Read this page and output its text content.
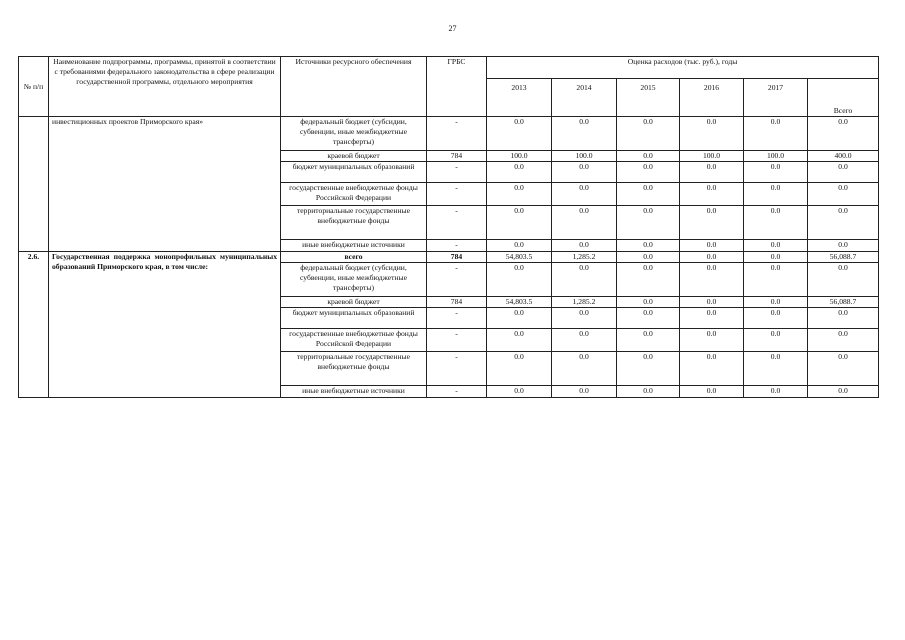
27
№ п/п	Наименование подпрограммы, программы, принятой в соответствии с требованиями федерального законодательства в сфере реализации государственной программы, отдельного мероприятия	Источники ресурсного обеспечения	ГРБС	Оценка расходов (тыс. руб.), годы					
				2013	2014	2015	2016	2017	Всего
	инвестиционных проектов Приморского края»	федеральный бюджет (субсидии, субвенции, иные межбюджетные трансферты)	-	0.0	0.0	0.0	0.0	0.0	0.0
		краевой бюджет	784	100.0	100.0	0.0	100.0	100.0	400.0
		бюджет муниципальных образований	-	0.0	0.0	0.0	0.0	0.0	0.0
		государственные внебюджетные фонды Российской Федерации	-	0.0	0.0	0.0	0.0	0.0	0.0
		территориальные государственные внебюджетные фонды	-	0.0	0.0	0.0	0.0	0.0	0.0
		иные внебюджетные источники	-	0.0	0.0	0.0	0.0	0.0	0.0
2.6.	Государственная поддержка монопрофильных муниципальных образований Приморского края, в том числе:	всего	784	54,803.5	1,285.2	0.0	0.0	0.0	56,088.7
		федеральный бюджет (субсидии, субвенции, иные межбюджетные трансферты)	-	0.0	0.0	0.0	0.0	0.0	0.0
		краевой бюджет	784	54,803.5	1,285.2	0.0	0.0	0.0	56,088.7
		бюджет муниципальных образований	-	0.0	0.0	0.0	0.0	0.0	0.0
		государственные внебюджетные фонды Российской Федерации	-	0.0	0.0	0.0	0.0	0.0	0.0
		территориальные государственные внебюджетные фонды	-	0.0	0.0	0.0	0.0	0.0	0.0
		иные внебюджетные источники	-	0.0	0.0	0.0	0.0	0.0	0.0
